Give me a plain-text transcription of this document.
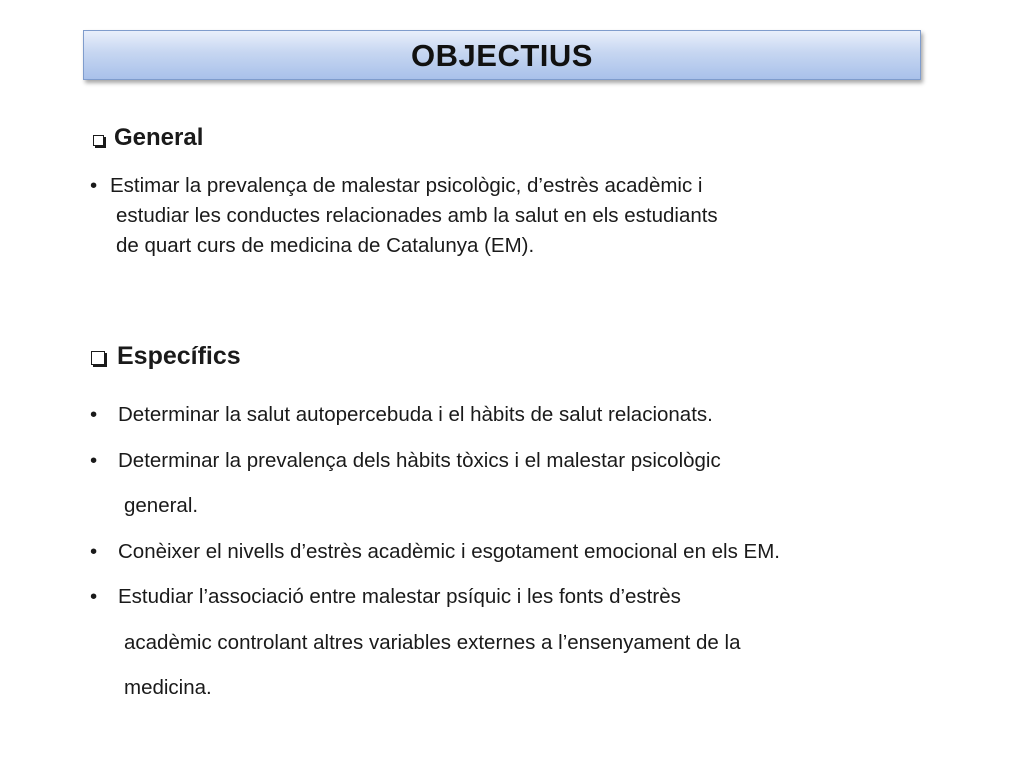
OBJECTIUS
General
• Estimar la prevalença de malestar psicològic, d’estrès acadèmic i
estudiar les conductes relacionades amb la salut en els estudiants
de quart curs de medicina de Catalunya (EM).
Específics
• Determinar la salut autopercebuda i el hàbits de salut relacionats.
• Determinar la prevalença dels hàbits tòxics i el malestar psicològic
general.
• Conèixer el nivells d’estrès acadèmic i esgotament emocional en els EM.
• Estudiar l’associació entre malestar psíquic i les fonts d’estrès
acadèmic controlant altres variables externes a l’ensenyament de la
medicina.
